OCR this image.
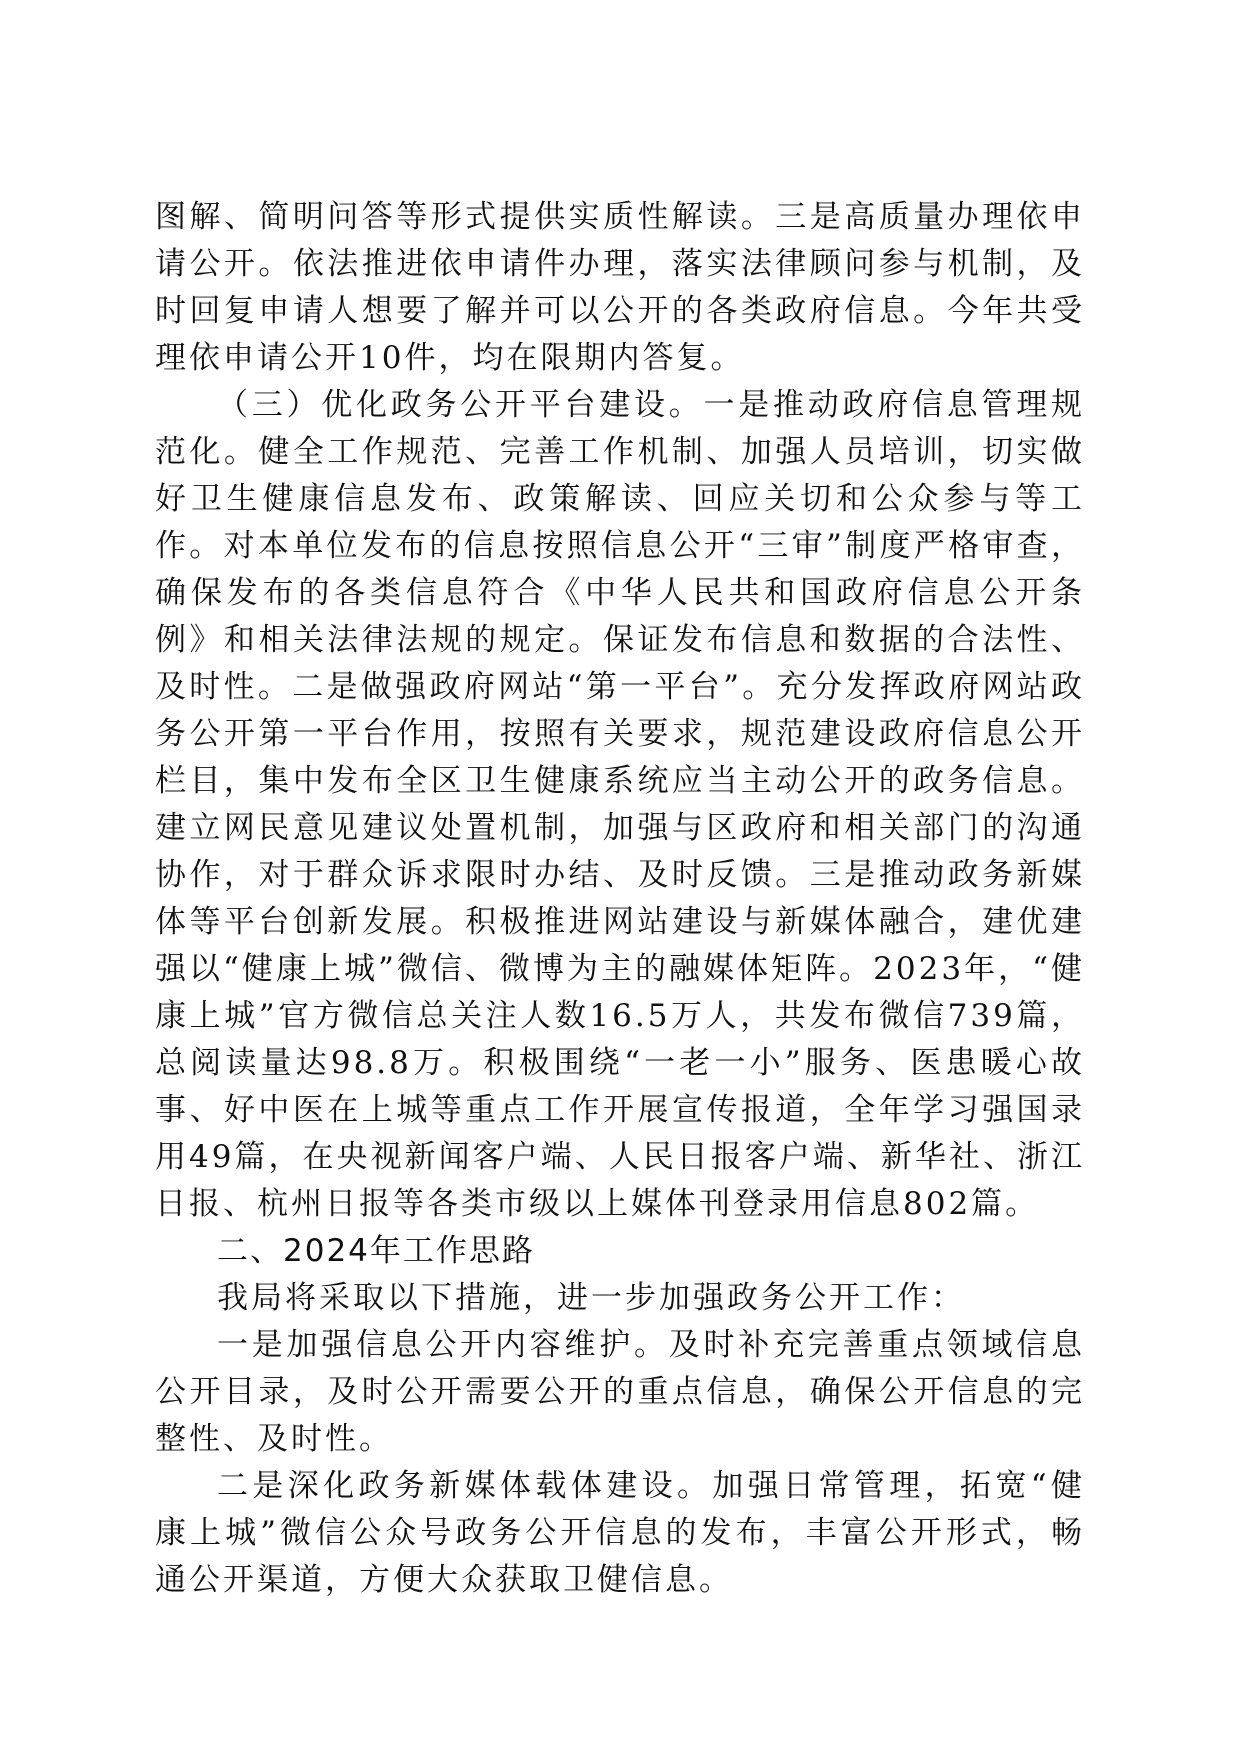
图解、简明问答等形式提供实质性解读。三是高质量办理依申请公开。依法推进依申请件办理，落实法律顾问参与机制，及时回复申请人想要了解并可以公开的各类政府信息。今年共受理依申请公开10件，均在限期内答复。

（三）优化政务公开平台建设。一是推动政府信息管理规范化。健全工作规范、完善工作机制、加强人员培训，切实做好卫生健康信息发布、政策解读、回应关切和公众参与等工作。对本单位发布的信息按照信息公开“三审”制度严格审查，确保发布的各类信息符合《中华人民共和国政府信息公开条例》和相关法律法规的规定。保证发布信息和数据的合法性、及时性。二是做强政府网站“第一平台”。充分发挥政府网站政务公开第一平台作用，按照有关要求，规范建设政府信息公开栏目，集中发布全区卫生健康系统应当主动公开的政务信息。建立网民意见建议处置机制，加强与区政府和相关部门的沟通协作，对于群众诉求限时办结、及时反馈。三是推动政务新媒体等平台创新发展。积极推进网站建设与新媒体融合，建优建强以“健康上城”微信、微博为主的融媒体矩阵。2023年，“健康上城”官方微信总关注人数16.5万人，共发布微信739篇，总阅读量达98.8万。积极围绕“一老一小”服务、医患暖心故事、好中医在上城等重点工作开展宣传报道，全年学习强国录用49篇，在央视新闻客户端、人民日报客户端、新华社、浙江日报、杭州日报等各类市级以上媒体刊登录用信息802篇。

二、2024年工作思路

我局将采取以下措施，进一步加强政务公开工作：

一是加强信息公开内容维护。及时补充完善重点领域信息公开目录，及时公开需要公开的重点信息，确保公开信息的完整性、及时性。

二是深化政务新媒体载体建设。加强日常管理，拓宽“健康上城”微信公众号政务公开信息的发布，丰富公开形式，畅通公开渠道，方便大众获取卫健信息。
